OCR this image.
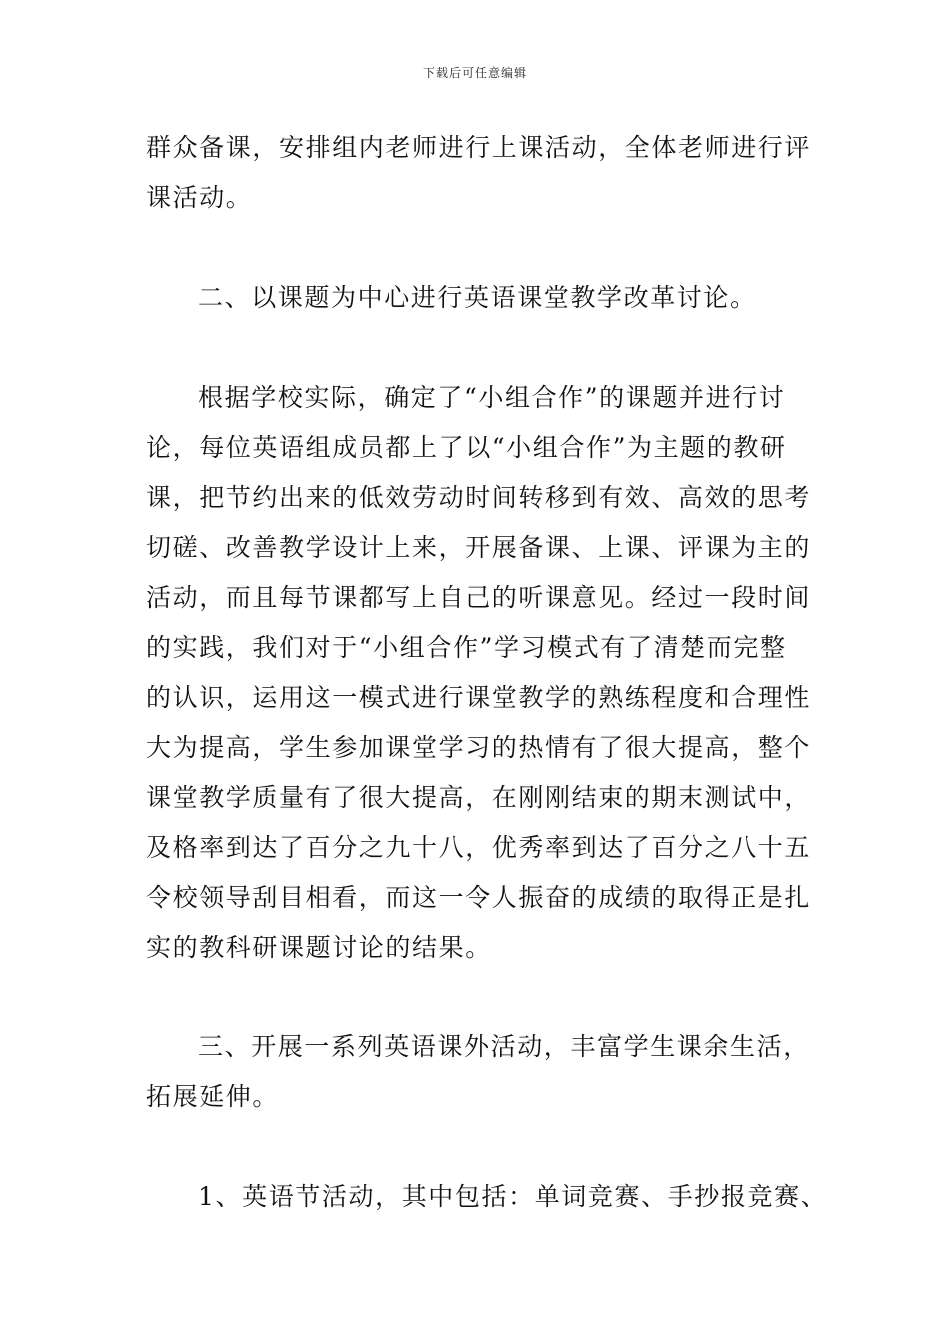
下载后可任意编辑
群众备课，安排组内老师进行上课活动，全体老师进行评
课活动。
二、以课题为中心进行英语课堂教学改革讨论。
根据学校实际，确定了“小组合作”的课题并进行讨
论，每位英语组成员都上了以“小组合作”为主题的教研
课，把节约出来的低效劳动时间转移到有效、高效的思考
切磋、改善教学设计上来，开展备课、上课、评课为主的
活动，而且每节课都写上自己的听课意见。经过一段时间
的实践，我们对于“小组合作”学习模式有了清楚而完整
的认识，运用这一模式进行课堂教学的熟练程度和合理性
大为提高，学生参加课堂学习的热情有了很大提高，整个
课堂教学质量有了很大提高，在刚刚结束的期末测试中，
及格率到达了百分之九十八，优秀率到达了百分之八十五
令校领导刮目相看，而这一令人振奋的成绩的取得正是扎
实的教科研课题讨论的结果。
三、开展一系列英语课外活动，丰富学生课余生活，
拓展延伸。
1、英语节活动，其中包括：单词竞赛、手抄报竞赛、
